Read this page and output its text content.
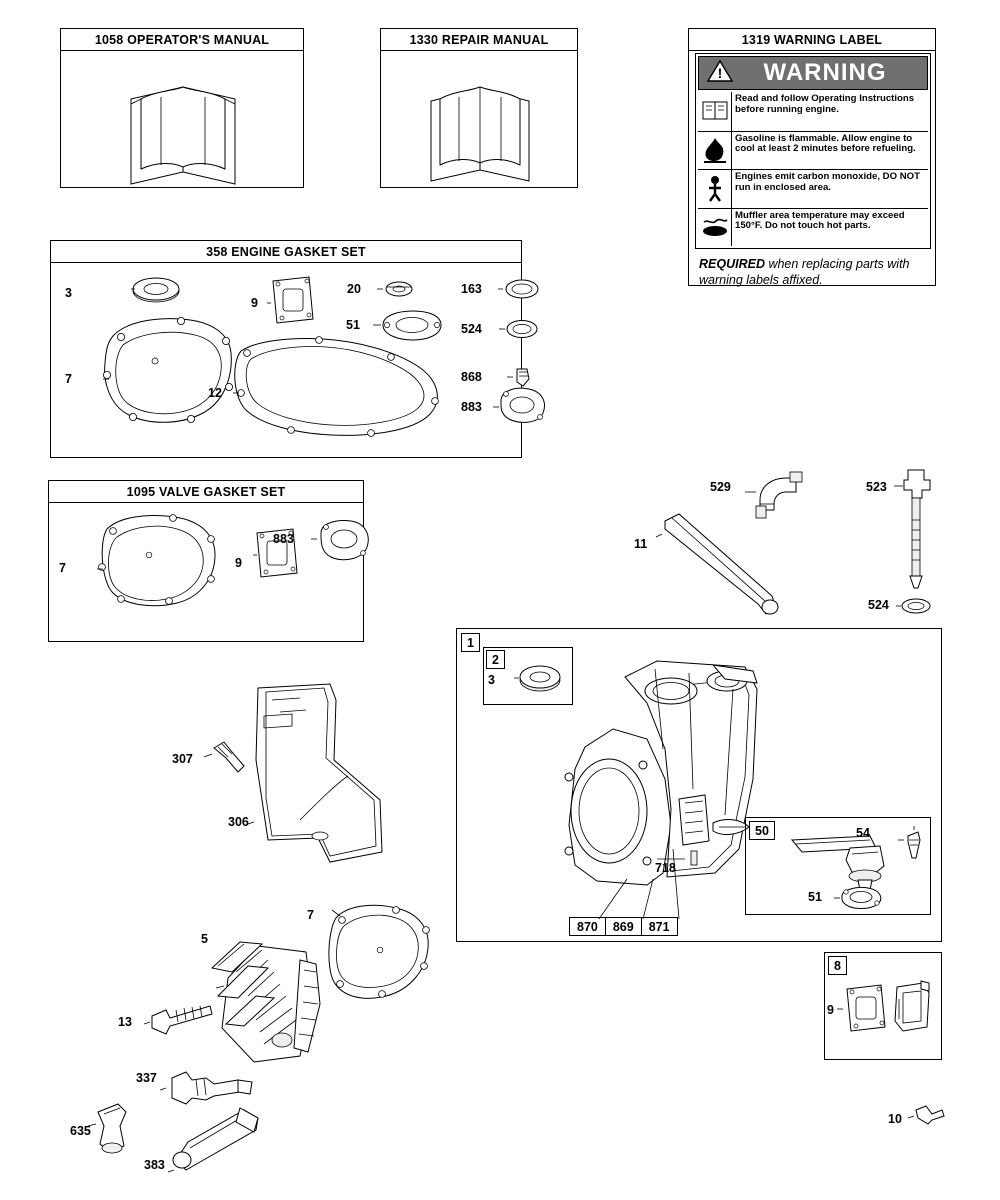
1058 OPERATOR'S MANUAL	1330 REPAIR MANUAL	1319 WARNING LABEL
!	WARNING
Read and follow Operating Instructions before running engine.
Gasoline is flammable. Allow engine to cool at least 2 minutes before refueling.
Engines emit carbon monoxide, DO NOT run in enclosed area.
Muffler area temperature may exceed 150°F. Do not touch hot parts.
REQUIRED when replacing parts with warning labels affixed.
358 ENGINE GASKET SET
3
9
20	163
51	524
7
12
868
883
1095 VALVE GASKET SET
7	9
883
529	523
524
11
307
306
5
7
13
337
635
383
10
1
2
3
718
870	869	871
50	54
51
8
9
